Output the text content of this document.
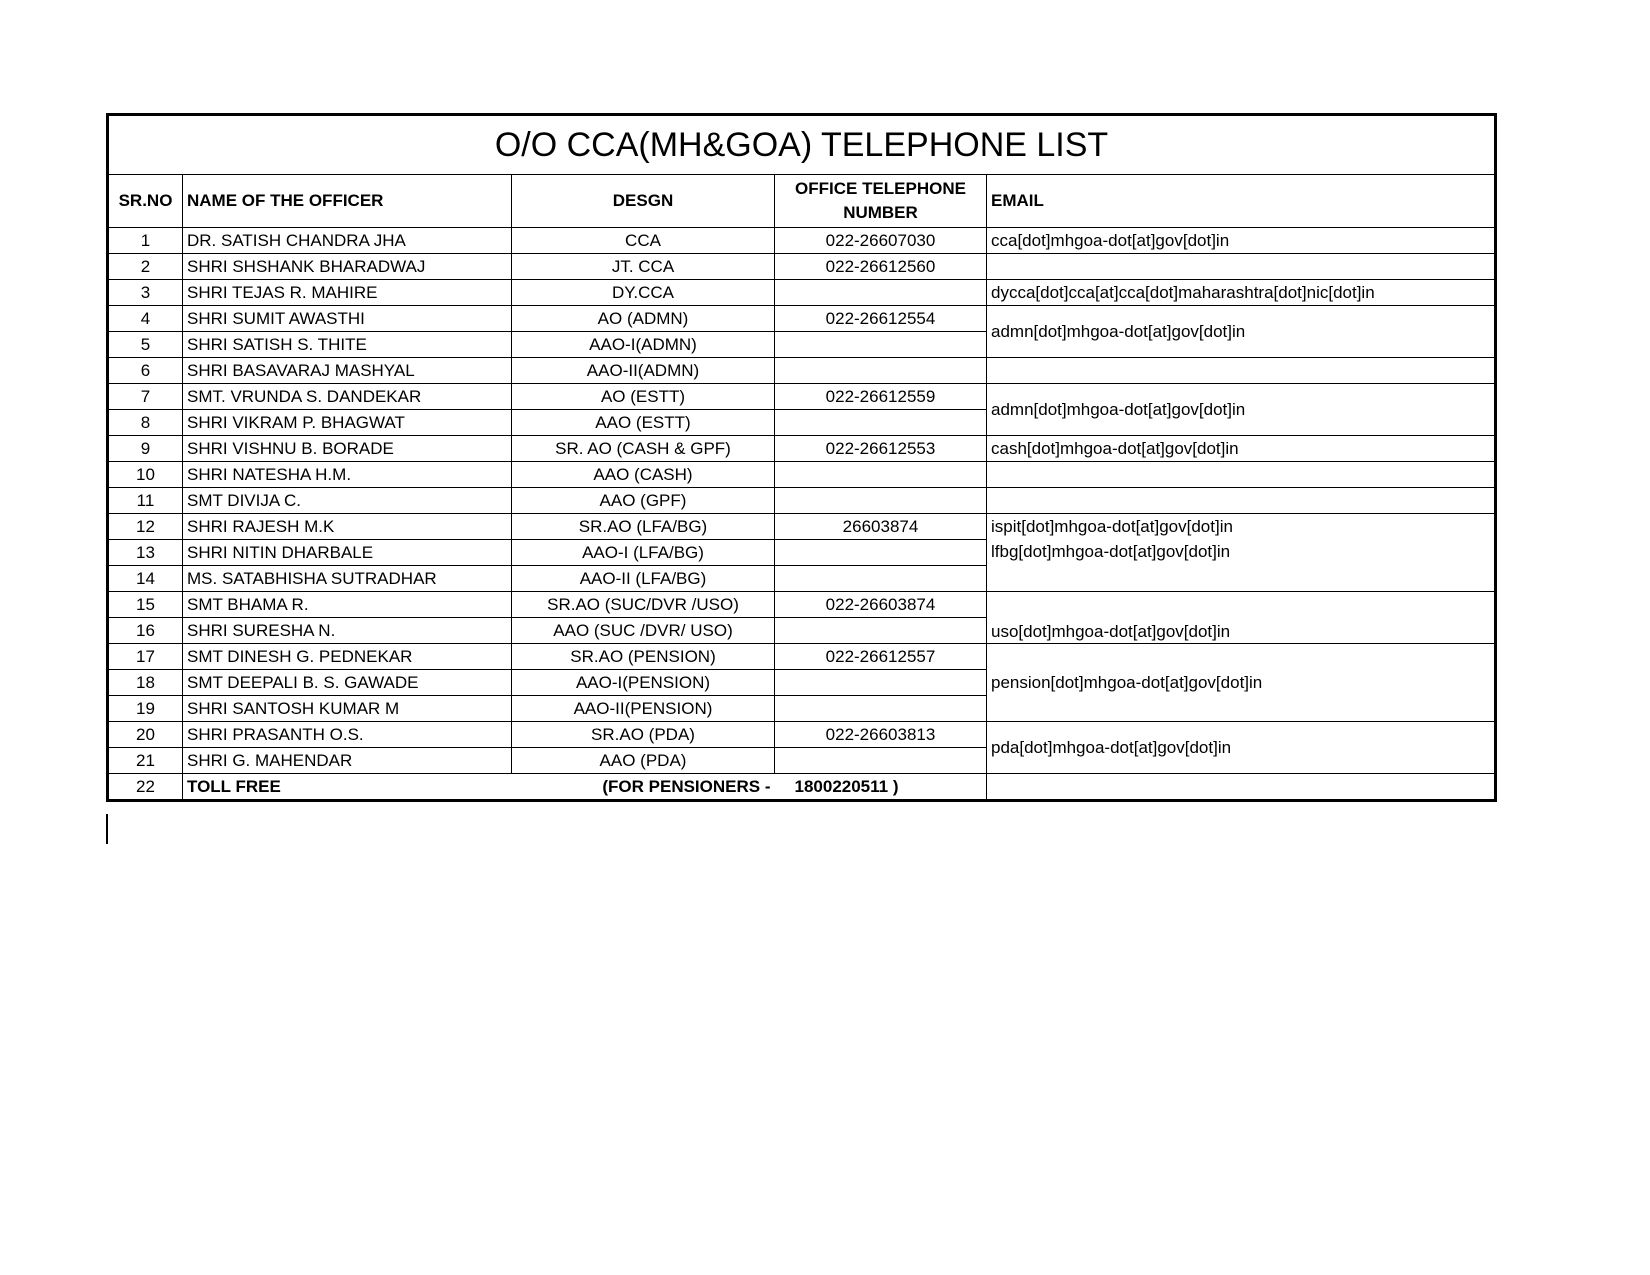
O/O CCA(MH&GOA) TELEPHONE LIST				
SR.NO	NAME OF THE OFFICER	DESGN	OFFICE TELEPHONE NUMBER	EMAIL
1	DR. SATISH CHANDRA JHA	CCA	022-26607030	cca[dot]mhgoa-dot[at]gov[dot]in
2	SHRI SHSHANK BHARADWAJ	JT. CCA	022-26612560	
3	SHRI TEJAS R. MAHIRE	DY.CCA		dycca[dot]cca[at]cca[dot]maharashtra[dot]nic[dot]in
4	SHRI SUMIT AWASTHI	AO (ADMN)	022-26612554	admn[dot]mhgoa-dot[at]gov[dot]in
5	SHRI SATISH S. THITE	AAO-I(ADMN)		
6	SHRI BASAVARAJ MASHYAL	AAO-II(ADMN)		
7	SMT. VRUNDA S. DANDEKAR	AO (ESTT)	022-26612559	admn[dot]mhgoa-dot[at]gov[dot]in
8	SHRI VIKRAM P. BHAGWAT	AAO (ESTT)		
9	SHRI VISHNU B. BORADE	SR. AO (CASH & GPF)	022-26612553	cash[dot]mhgoa-dot[at]gov[dot]in
10	SHRI NATESHA H.M.	AAO (CASH)		
11	SMT DIVIJA C.	AAO (GPF)		
12	SHRI RAJESH M.K	SR.AO (LFA/BG)	26603874	ispit[dot]mhgoa-dot[at]gov[dot]in
lfbg[dot]mhgoa-dot[at]gov[dot]in

13	SHRI NITIN DHARBALE	AAO-I (LFA/BG)		
14	MS. SATABHISHA SUTRADHAR	AAO-II (LFA/BG)		
15	SMT BHAMA R.	SR.AO (SUC/DVR /USO)	022-26603874	uso[dot]mhgoa-dot[at]gov[dot]in
16	SHRI SURESHA N.	AAO (SUC /DVR/ USO)		
17	SMT DINESH G. PEDNEKAR	SR.AO (PENSION)	022-26612557	pension[dot]mhgoa-dot[at]gov[dot]in
18	SMT DEEPALI B. S. GAWADE	AAO-I(PENSION)		
19	SHRI SANTOSH KUMAR M	AAO-II(PENSION)		
20	SHRI PRASANTH O.S.	SR.AO (PDA)	022-26603813	pda[dot]mhgoa-dot[at]gov[dot]in
21	SHRI G. MAHENDAR	AAO (PDA)		
22	TOLL FREE	(FOR PENSIONERS -	1800220511 )	
